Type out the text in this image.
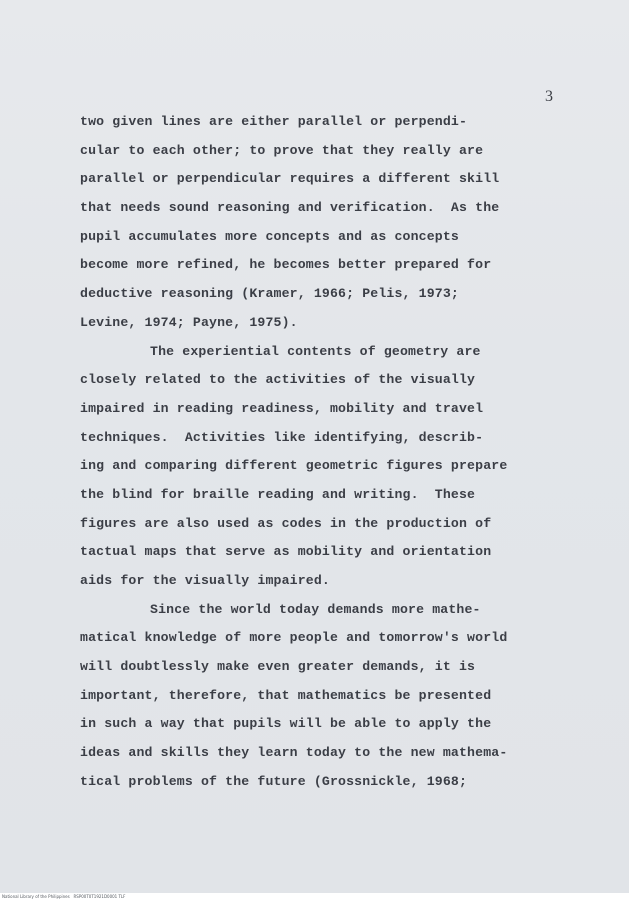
3
two given lines are either parallel or perpendi-
cular to each other; to prove that they really are
parallel or perpendicular requires a different skill
that needs sound reasoning and verification.  As the
pupil accumulates more concepts and as concepts
become more refined, he becomes better prepared for
deductive reasoning (Kramer, 1966; Pelis, 1973;
Levine, 1974; Payne, 1975).
The experiential contents of geometry are
closely related to the activities of the visually
impaired in reading readiness, mobility and travel
techniques.  Activities like identifying, describ-
ing and comparing different geometric figures prepare
the blind for braille reading and writing.  These
figures are also used as codes in the production of
tactual maps that serve as mobility and orientation
aids for the visually impaired.
Since the world today demands more mathe-
matical knowledge of more people and tomorrow's world
will doubtlessly make even greater demands, it is
important, therefore, that mathematics be presented
in such a way that pupils will be able to apply the
ideas and skills they learn today to the new mathema-
tical problems of the future (Grossnickle, 1968;
National Library of the Philippines   RSP00T0T1921D0001 TLF
